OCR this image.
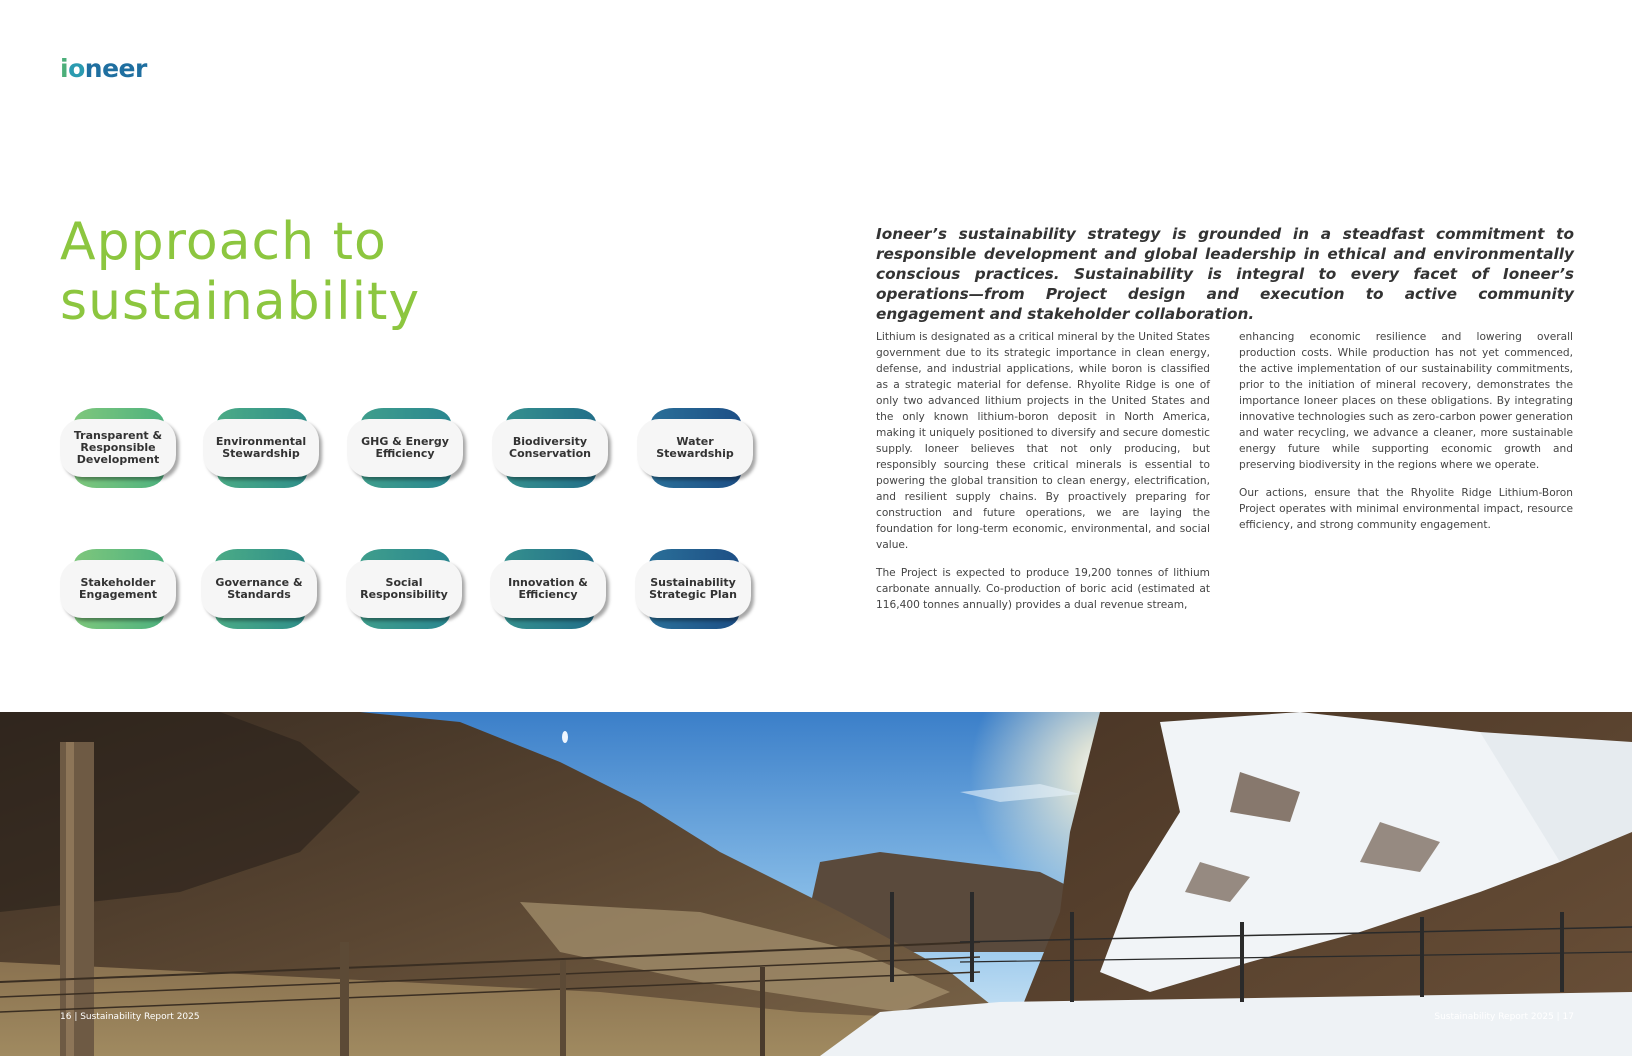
ioneer
Approach to sustainability
Transparent & Responsible Development
Environmental Stewardship
GHG & Energy Efficiency
Biodiversity Conservation
Water Stewardship
Stakeholder Engagement
Governance & Standards
Social Responsibility
Innovation & Efficiency
Sustainability Strategic Plan

Ioneer’s sustainability strategy is grounded in a steadfast commitment to responsible development and global leadership in ethical and environmentally conscious practices. Sustainability is integral to every facet of Ioneer’s operations—from Project design and execution to active community engagement and stakeholder collaboration.

Lithium is designated as a critical mineral by the United States government due to its strategic importance in clean energy, defense, and industrial applications, while boron is classified as a strategic material for defense. Rhyolite Ridge is one of only two advanced lithium projects in the United States and the only known lithium-boron deposit in North America, making it uniquely positioned to diversify and secure domestic supply. Ioneer believes that not only producing, but responsibly sourcing these critical minerals is essential to powering the global transition to clean energy, electrification, and resilient supply chains. By proactively preparing for construction and future operations, we are laying the foundation for long-term economic, environmental, and social value.

The Project is expected to produce 19,200 tonnes of lithium carbonate annually. Co-production of boric acid (estimated at 116,400 tonnes annually) provides a dual revenue stream,

enhancing economic resilience and lowering overall production costs. While production has not yet commenced, the active implementation of our sustainability commitments, prior to the initiation of mineral recovery, demonstrates the importance Ioneer places on these obligations. By integrating innovative technologies such as zero-carbon power generation and water recycling, we advance a cleaner, more sustainable energy future while supporting economic growth and preserving biodiversity in the regions where we operate.

Our actions, ensure that the Rhyolite Ridge Lithium-Boron Project operates with minimal environmental impact, resource efficiency, and strong community engagement.

16 | Sustainability Report 2025	Sustainability Report 2025 | 17
